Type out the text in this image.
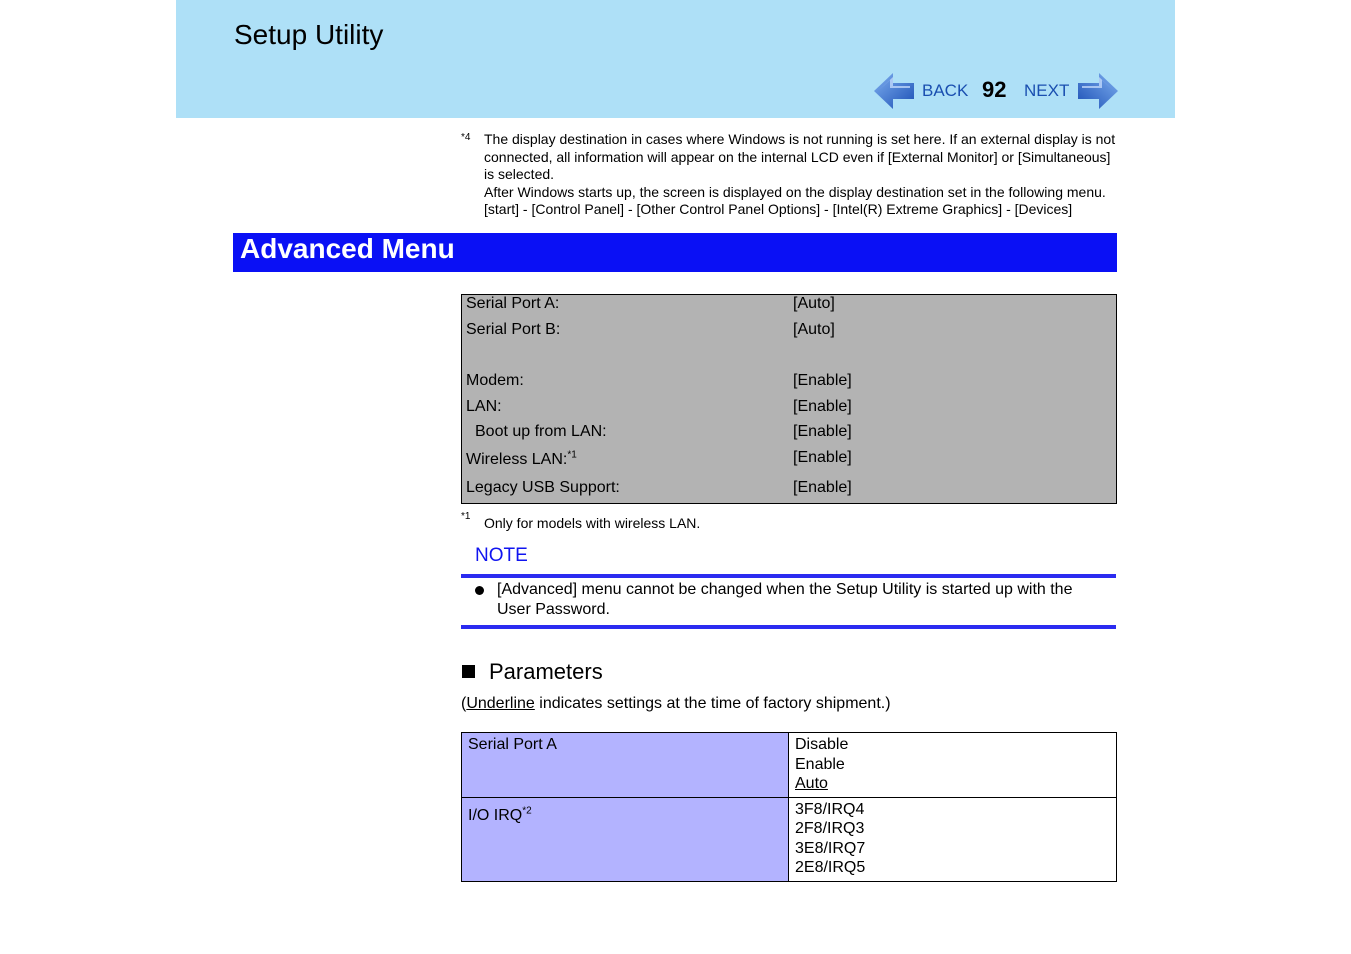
Setup Utility
BACK 92 NEXT
*4 The display destination in cases where Windows is not running is set here. If an external display is not connected, all information will appear on the internal LCD even if [External Monitor] or [Simultaneous] is selected.

After Windows starts up, the screen is displayed on the display destination set in the following menu.

[start] - [Control Panel] - [Other Control Panel Options] - [Intel(R) Extreme Graphics] - [Devices]

Advanced Menu
Serial Port A:	[Auto]
Serial Port B:	[Auto]
Modem:	[Enable]
LAN:	[Enable]
Boot up from LAN:	[Enable]
Wireless LAN:$^{*1}$	[Enable]
Legacy USB Support:	[Enable]
*1 Only for models with wireless LAN.
NOTE
[Advanced] menu cannot be changed when the Setup Utility is started up with the User Password.
Parameters
(Underline indicates settings at the time of factory shipment.)
Serial Port A	Disable
Enable
Auto

I/O IRQ$^{*2}$	3F8/IRQ4
2F8/IRQ3
3E8/IRQ7
2E8/IRQ5
